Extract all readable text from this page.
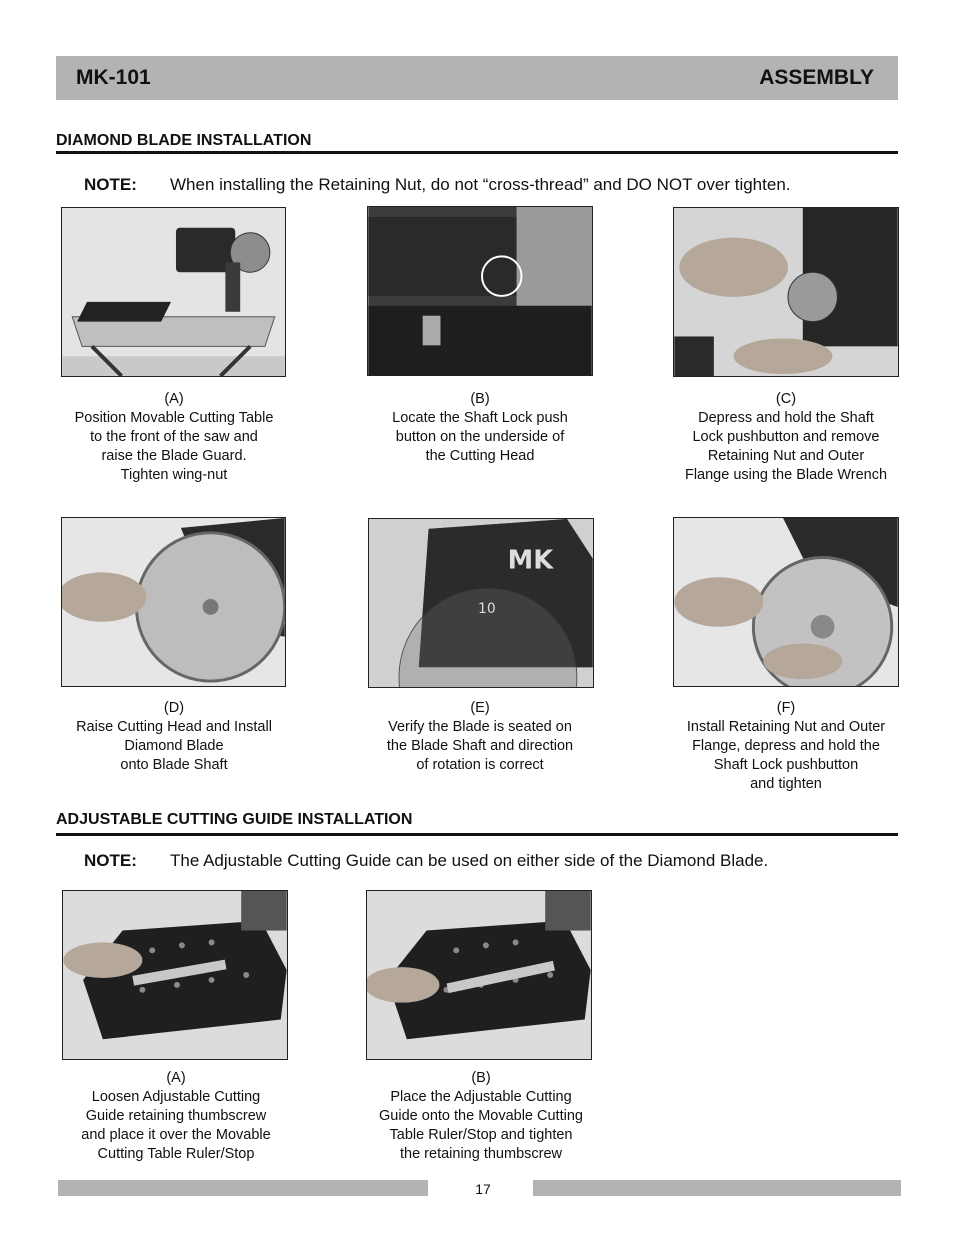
MK-101	ASSEMBLY
DIAMOND BLADE INSTALLATION
NOTE: When installing the Retaining Nut, do not “cross-thread” and DO NOT over tighten.
(A)
Position Movable Cutting Table
to the front of the saw and
raise the Blade Guard.
Tighten wing-nut
(B)
Locate the Shaft Lock push
button on the underside of
the Cutting Head
(C)
Depress and hold the Shaft
Lock pushbutton and remove
Retaining Nut and Outer
Flange using the Blade Wrench
MK
10
(D)
Raise Cutting Head and Install
Diamond Blade
onto Blade Shaft
(E)
Verify the Blade is seated on
the Blade Shaft and direction
of rotation is correct
(F)
Install Retaining Nut and Outer
Flange, depress and hold the
Shaft Lock pushbutton
and tighten
ADJUSTABLE CUTTING GUIDE INSTALLATION
NOTE: The Adjustable Cutting Guide can be used on either side of the Diamond Blade.
(A)
Loosen Adjustable Cutting
Guide retaining thumbscrew
and place it over the Movable
Cutting Table Ruler/Stop
(B)
Place the Adjustable Cutting
Guide onto the Movable Cutting
Table Ruler/Stop and tighten
the retaining thumbscrew
17
